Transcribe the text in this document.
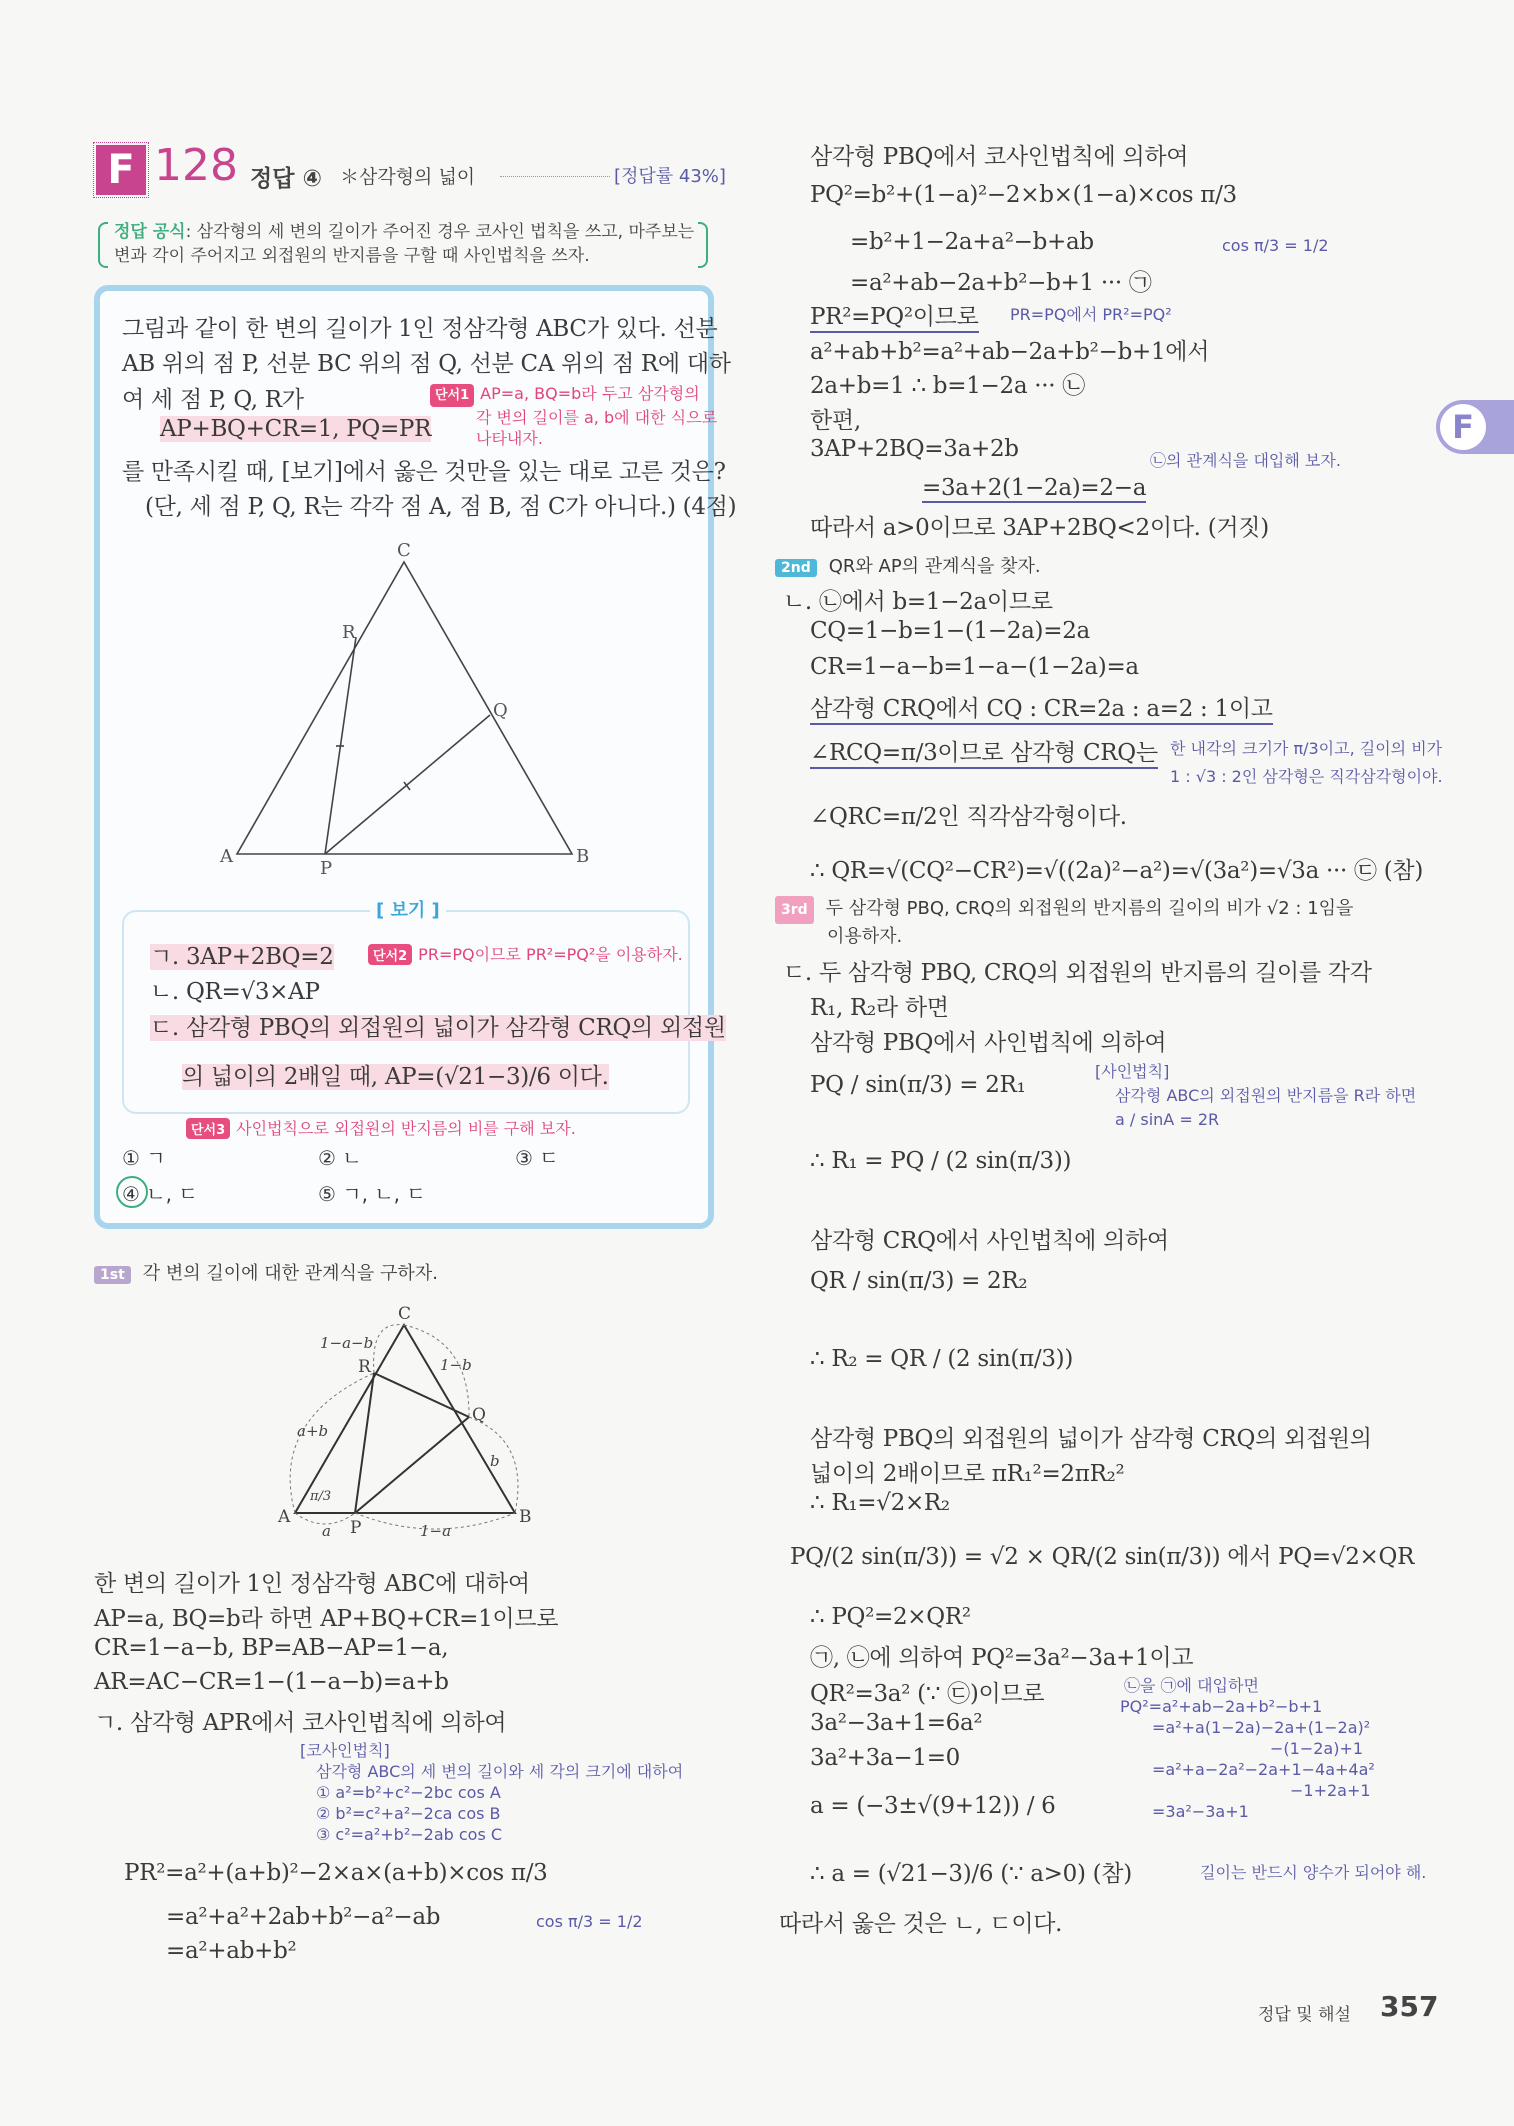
F 128 정답 ④ ＊삼각형의 넓이	[정답률 43%]
정답 공식: 삼각형의 세 변의 길이가 주어진 경우 코사인 법칙을 쓰고, 마주보는
변과 각이 주어지고 외접원의 반지름을 구할 때 사인법칙을 쓰자.
그림과 같이 한 변의 길이가 1인 정삼각형 ABC가 있다. 선분
AB 위의 점 P, 선분 BC 위의 점 Q, 선분 CA 위의 점 R에 대하
여 세 점 P, Q, R가
AP+BQ+CR=1, PQ=PR
를 만족시킬 때, [보기]에서 옳은 것만을 있는 대로 고른 것은?
(단, 세 점 P, Q, R는 각각 점 A, 점 B, 점 C가 아니다.) (4점)
단서1 AP=a, BQ=b라 두고 삼각형의
각 변의 길이를 a, b에 대한 식으로
나타내자.
A	B
C
P
Q
R
[ 보기 ]
ㄱ. 3AP+2BQ=2	단서2 PR=PQ이므로 PR²=PQ²을 이용하자.
ㄴ. QR=√3×AP
ㄷ. 삼각형 PBQ의 외접원의 넓이가 삼각형 CRQ의 외접원
의 넓이의 2배일 때, AP=(√21−3)/6 이다.
단서3 사인법칙으로 외접원의 반지름의 비를 구해 보자.
① ㄱ	② ㄴ	③ ㄷ
④ ㄴ, ㄷ	⑤ ㄱ, ㄴ, ㄷ
1st 각 변의 길이에 대한 관계식을 구하자.
A	B
C
P
Q
R
1−a−b
1−b
a+b
b
a	1−a
π/3
한 변의 길이가 1인 정삼각형 ABC에 대하여
AP=a, BQ=b라 하면 AP+BQ+CR=1이므로
CR=1−a−b, BP=AB−AP=1−a,
AR=AC−CR=1−(1−a−b)=a+b
ㄱ. 삼각형 APR에서 코사인법칙에 의하여
[코사인법칙]
삼각형 ABC의 세 변의 길이와 세 각의 크기에 대하여
① a²=b²+c²−2bc cos A
② b²=c²+a²−2ca cos B
③ c²=a²+b²−2ab cos C
PR²=a²+(a+b)²−2×a×(a+b)×cos π/3
=a²+a²+2ab+b²−a²−ab
=a²+ab+b²
cos π/3 = 1/2
삼각형 PBQ에서 코사인법칙에 의하여
PQ²=b²+(1−a)²−2×b×(1−a)×cos π/3
=b²+1−2a+a²−b+ab
=a²+ab−2a+b²−b+1 ··· ㉠
PR²=PQ²이므로
a²+ab+b²=a²+ab−2a+b²−b+1에서
2a+b=1 ∴ b=1−2a ··· ㉡
한편,
3AP+2BQ=3a+2b
=3a+2(1−2a)=2−a
따라서 a>0이므로 3AP+2BQ<2이다. (거짓)
cos π/3 = 1/2
PR=PQ에서 PR²=PQ²
㉡의 관계식을 대입해 보자.
2nd QR와 AP의 관계식을 찾자.
ㄴ. ㉡에서 b=1−2a이므로
CQ=1−b=1−(1−2a)=2a
CR=1−a−b=1−a−(1−2a)=a
삼각형 CRQ에서 CQ : CR=2a : a=2 : 1이고
∠RCQ=π/3이므로 삼각형 CRQ는
∠QRC=π/2인 직각삼각형이다.
∴ QR=√(CQ²−CR²)=√((2a)²−a²)=√(3a²)=√3a ··· ㉢ (참)
한 내각의 크기가 π/3이고, 길이의 비가
1 : √3 : 2인 삼각형은 직각삼각형이야.
3rd 두 삼각형 PBQ, CRQ의 외접원의 반지름의 길이의 비가 √2 : 1임을
이용하자.
ㄷ. 두 삼각형 PBQ, CRQ의 외접원의 반지름의 길이를 각각
R₁, R₂라 하면
삼각형 PBQ에서 사인법칙에 의하여
PQ / sin(π/3) = 2R₁
∴ R₁ = PQ / (2 sin(π/3))
삼각형 CRQ에서 사인법칙에 의하여
QR / sin(π/3) = 2R₂
∴ R₂ = QR / (2 sin(π/3))
삼각형 PBQ의 외접원의 넓이가 삼각형 CRQ의 외접원의
넓이의 2배이므로 πR₁²=2πR₂²
∴ R₁=√2×R₂
PQ/(2 sin(π/3)) = √2 × QR/(2 sin(π/3)) 에서 PQ=√2×QR
∴ PQ²=2×QR²
㉠, ㉡에 의하여 PQ²=3a²−3a+1이고
QR²=3a² (∵ ㉢)이므로
3a²−3a+1=6a²
3a²+3a−1=0
a = (−3±√(9+12)) / 6
∴ a = (√21−3)/6 (∵ a>0) (참)
[사인법칙]
삼각형 ABC의 외접원의 반지름을 R라 하면
a / sinA = 2R
㉡을 ㉠에 대입하면
PQ²=a²+ab−2a+b²−b+1
=a²+a(1−2a)−2a+(1−2a)²
−(1−2a)+1
=a²+a−2a²−2a+1−4a+4a²
−1+2a+1
=3a²−3a+1
길이는 반드시 양수가 되어야 해.
따라서 옳은 것은 ㄴ, ㄷ이다.
F
정답 및 해설 357
